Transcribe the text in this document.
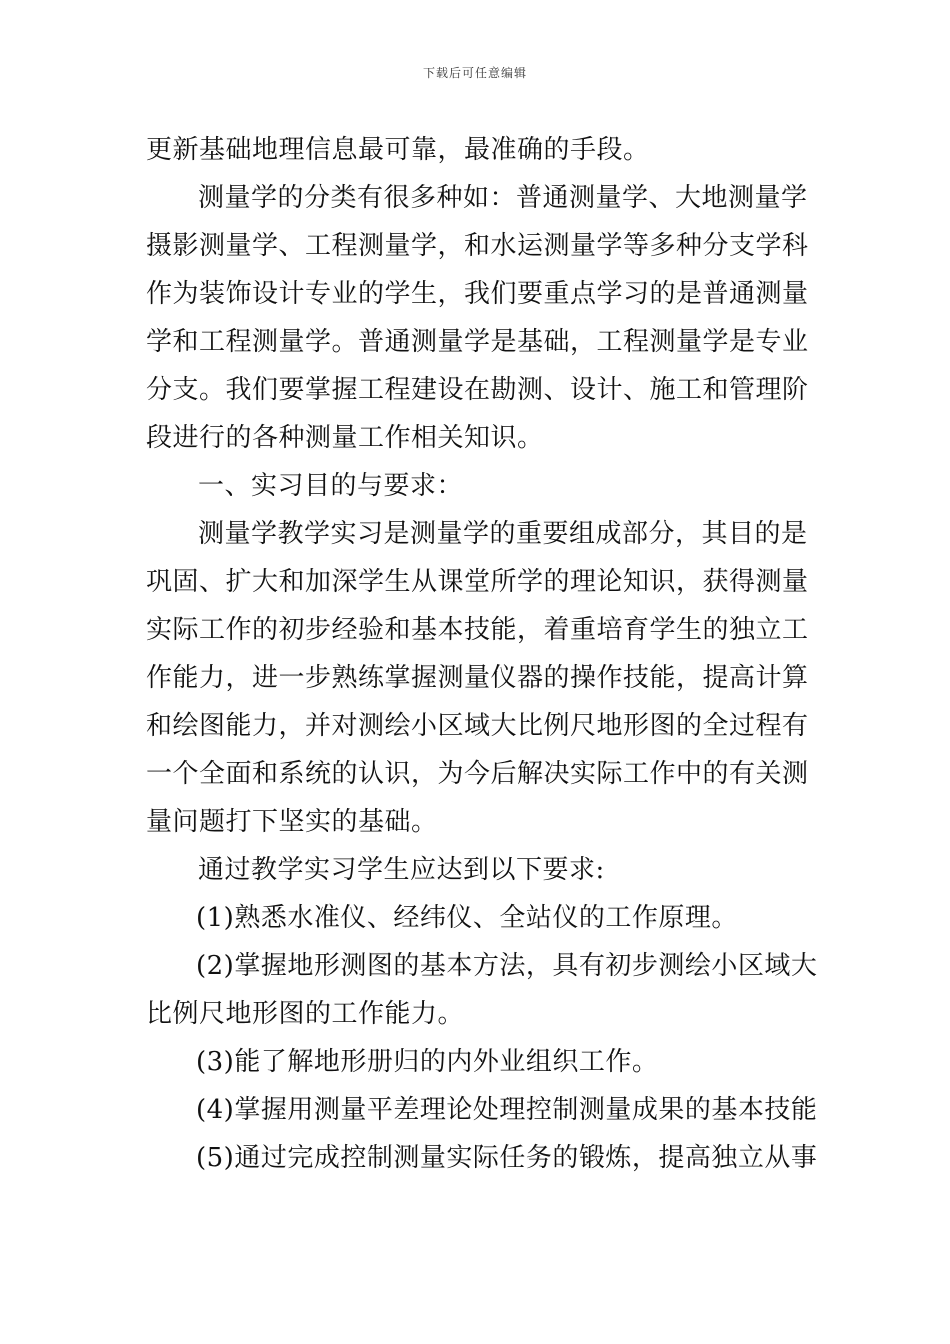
下载后可任意编辑
更新基础地理信息最可靠，最准确的手段。
测量学的分类有很多种如：普通测量学、大地测量学
摄影测量学、工程测量学，和水运测量学等多种分支学科
作为装饰设计专业的学生，我们要重点学习的是普通测量
学和工程测量学。普通测量学是基础，工程测量学是专业
分支。我们要掌握工程建设在勘测、设计、施工和管理阶
段进行的各种测量工作相关知识。
一、实习目的与要求：
测量学教学实习是测量学的重要组成部分，其目的是
巩固、扩大和加深学生从课堂所学的理论知识，获得测量
实际工作的初步经验和基本技能，着重培育学生的独立工
作能力，进一步熟练掌握测量仪器的操作技能，提高计算
和绘图能力，并对测绘小区域大比例尺地形图的全过程有
一个全面和系统的认识，为今后解决实际工作中的有关测
量问题打下坚实的基础。
通过教学实习学生应达到以下要求:
(1)熟悉水准仪、经纬仪、全站仪的工作原理。
(2)掌握地形测图的基本方法，具有初步测绘小区域大
比例尺地形图的工作能力。
(3)能了解地形册归的内外业组织工作。
(4)掌握用测量平差理论处理控制测量成果的基本技能
(5)通过完成控制测量实际任务的锻炼，提高独立从事
